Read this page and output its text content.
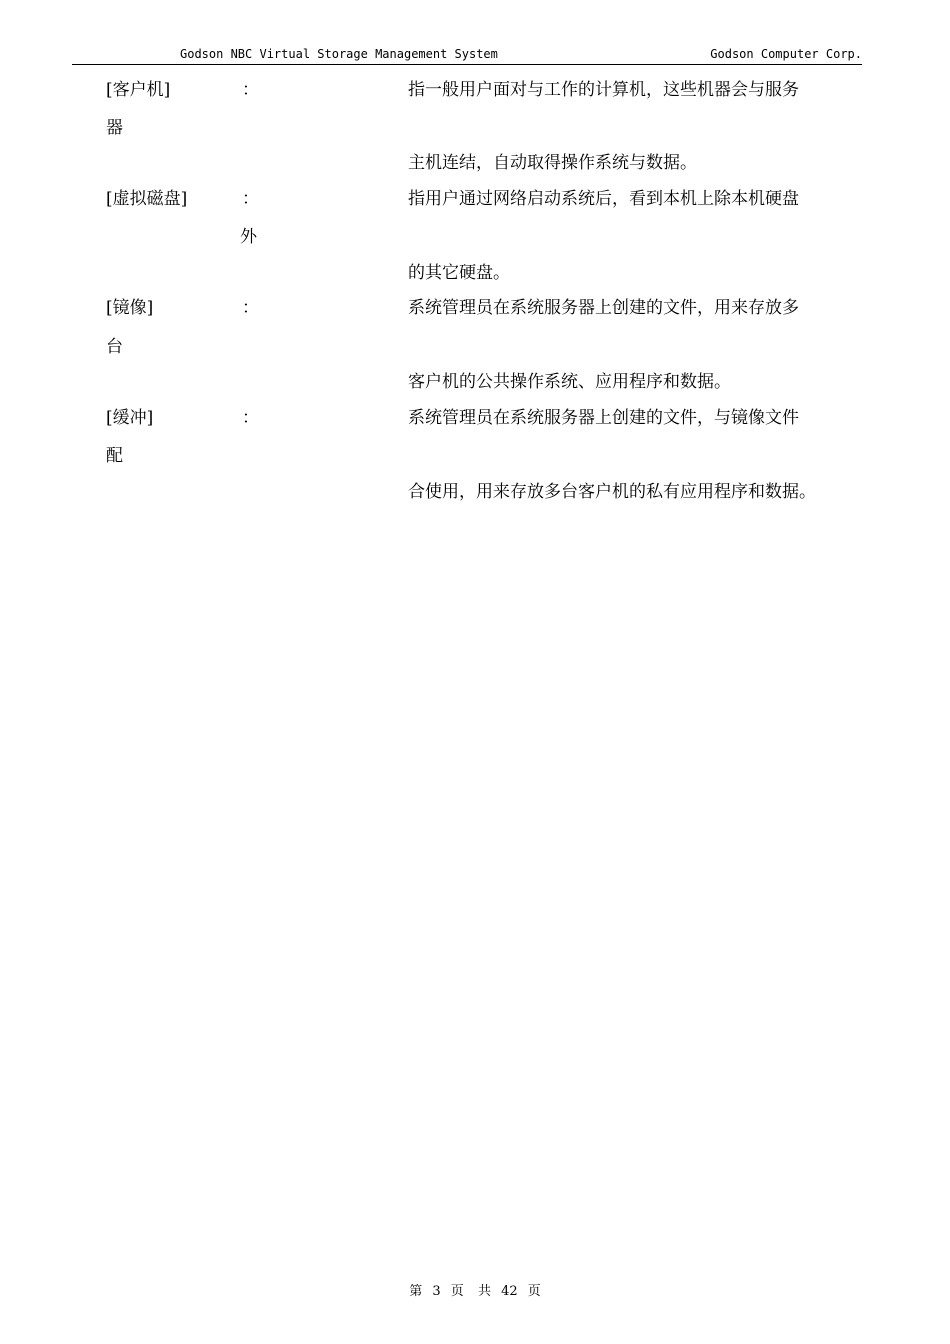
Godson NBC Virtual Storage Management System	Godson Computer Corp.
[客户机]	：	指一般用户面对与工作的计算机，这些机器会与服务
器
主机连结，自动取得操作系统与数据。
[虚拟磁盘]	：	指用户通过网络启动系统后，看到本机上除本机硬盘
外
的其它硬盘。
[镜像]	：	系统管理员在系统服务器上创建的文件，用来存放多
台
客户机的公共操作系统、应用程序和数据。
[缓冲]	：	系统管理员在系统服务器上创建的文件，与镜像文件
配
合使用，用来存放多台客户机的私有应用程序和数据。
第 3 页 共 42 页
